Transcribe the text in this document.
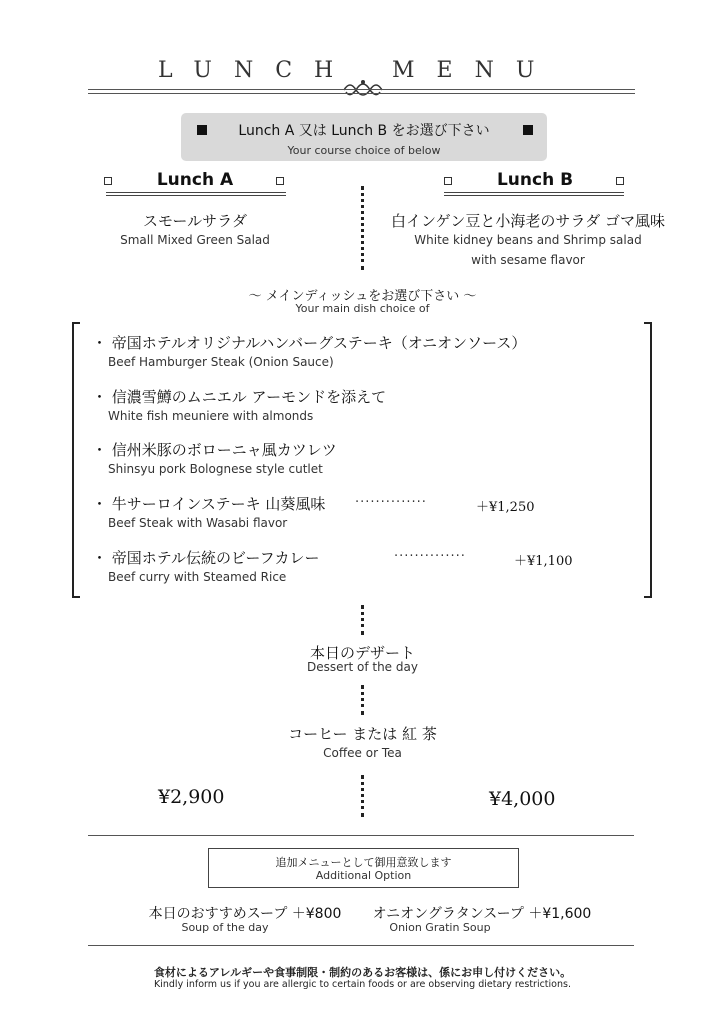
LUNCH MENU
Lunch A 又は Lunch B をお選び下さい
Your course choice of below
Lunch A	Lunch B
スモールサラダ
Small Mixed Green Salad
白インゲン豆と小海老のサラダ ゴマ風味
White kidney beans and Shrimp salad
with sesame flavor
～ メインディッシュをお選び下さい ～
Your main dish choice of
・ 帝国ホテルオリジナルハンバーグステーキ（オニオンソース）
Beef Hamburger Steak (Onion Sauce)
・ 信濃雪鱒のムニエル アーモンドを添えて
White fish meuniere with almonds
・ 信州米豚のボローニャ風カツレツ
Shinsyu pork Bolognese style cutlet
・ 牛サーロインステーキ 山葵風味 ··············	＋¥1,250
Beef Steak with Wasabi flavor
・ 帝国ホテル伝統のビーフカレー	··············	＋¥1,100
Beef curry with Steamed Rice
本日のデザート
Dessert of the day
コーヒー または 紅 茶
Coffee or Tea
¥2,900	¥4,000
追加メニューとして御用意致します
Additional Option
本日のおすすめスープ ＋¥800
Soup of the day
オニオングラタンスープ ＋¥1,600
Onion Gratin Soup
食材によるアレルギーや食事制限・制約のあるお客様は、係にお申し付けください。
Kindly inform us if you are allergic to certain foods or are observing dietary restrictions.
